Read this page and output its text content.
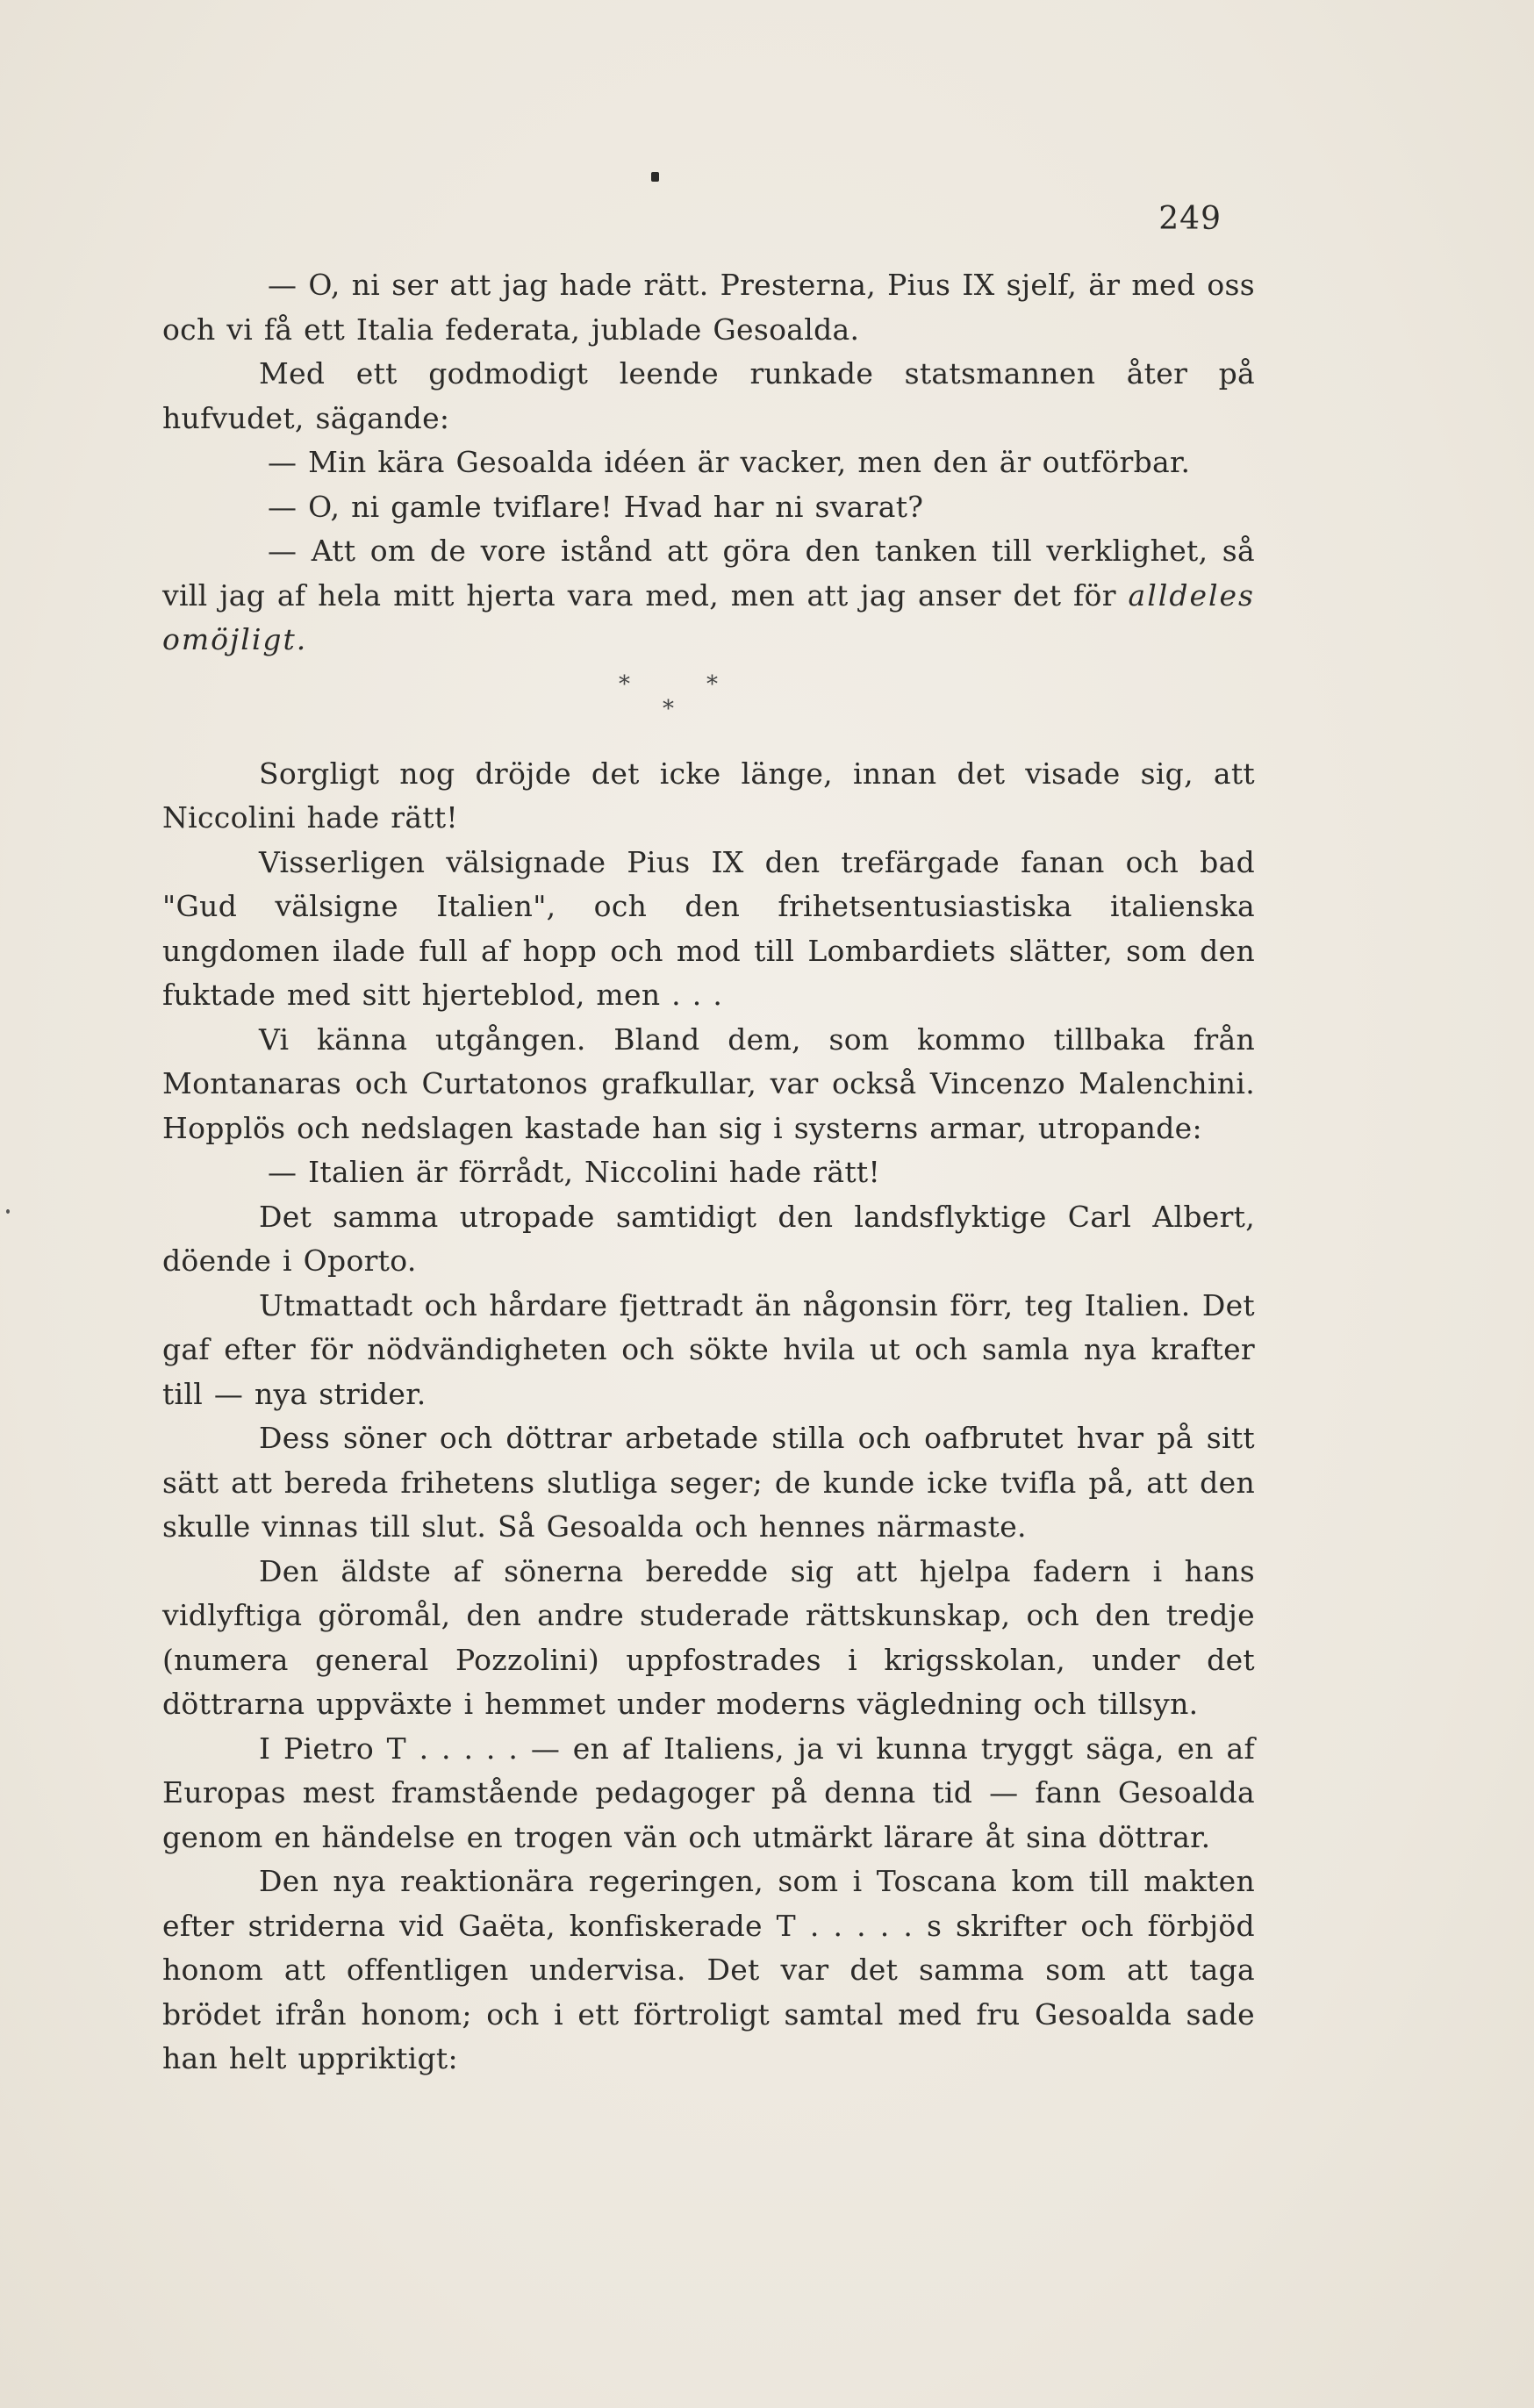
249

— O, ni ser att jag hade rätt. Presterna, Pius IX sjelf, är med oss och vi få ett Italia federata, jublade Gesoalda.

Med ett godmodigt leende runkade statsmannen åter på hufvudet, sägande:

— Min kära Gesoalda idéen är vacker, men den är outförbar.

— O, ni gamle tviflare! Hvad har ni svarat?

— Att om de vore istånd att göra den tanken till verklighet, så vill jag af hela mitt hjerta vara med, men att jag anser det för alldeles omöjligt.

*
*
*

Sorgligt nog dröjde det icke länge, innan det visade sig, att Niccolini hade rätt!

Visserligen välsignade Pius IX den trefärgade fanan och bad "Gud välsigne Italien", och den frihetsentusiastiska italienska ungdomen ilade full af hopp och mod till Lombardiets slätter, som den fuktade med sitt hjerteblod, men . . .

Vi känna utgången. Bland dem, som kommo tillbaka från Montanaras och Curtatonos grafkullar, var också Vincenzo Malenchini. Hopplös och nedslagen kastade han sig i systerns armar, utropande:

— Italien är förrådt, Niccolini hade rätt!

Det samma utropade samtidigt den landsflyktige Carl Albert, döende i Oporto.

Utmattadt och hårdare fjettradt än någonsin förr, teg Italien. Det gaf efter för nödvändigheten och sökte hvila ut och samla nya krafter till — nya strider.

Dess söner och döttrar arbetade stilla och oafbrutet hvar på sitt sätt att bereda frihetens slutliga seger; de kunde icke tvifla på, att den skulle vinnas till slut. Så Gesoalda och hennes närmaste.

Den äldste af sönerna beredde sig att hjelpa fadern i hans vidlyftiga göromål, den andre studerade rättskunskap, och den tredje (numera general Pozzolini) uppfostrades i krigsskolan, under det döttrarna uppväxte i hemmet under moderns vägledning och tillsyn.

I Pietro T . . . . . — en af Italiens, ja vi kunna tryggt säga, en af Europas mest framstående pedagoger på denna tid — fann Gesoalda genom en händelse en trogen vän och utmärkt lärare åt sina döttrar.

Den nya reaktionära regeringen, som i Toscana kom till makten efter striderna vid Gaëta, konfiskerade T . . . . . s skrifter och förbjöd honom att offentligen undervisa. Det var det samma som att taga brödet ifrån honom; och i ett förtroligt samtal med fru Gesoalda sade han helt uppriktigt:
